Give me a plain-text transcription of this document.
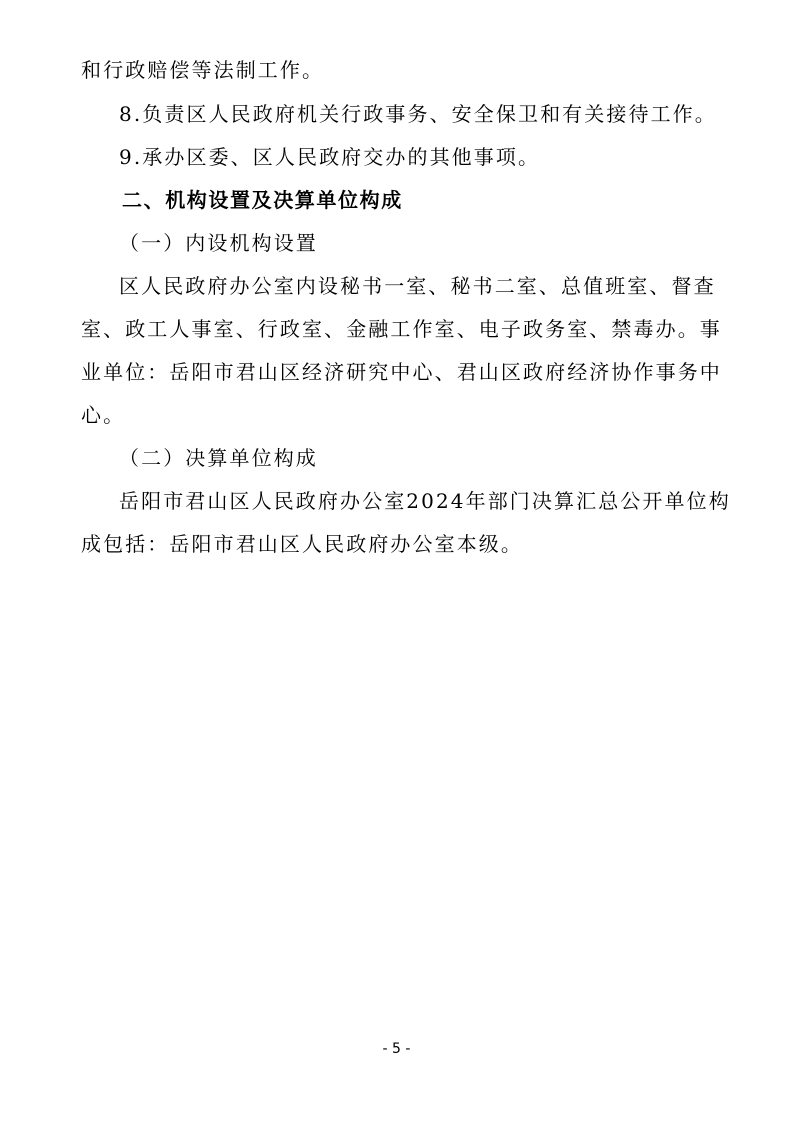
和行政赔偿等法制工作。
8.负责区人民政府机关行政事务、安全保卫和有关接待工作。
9.承办区委、区人民政府交办的其他事项。
二、机构设置及决算单位构成
（一）内设机构设置
区人民政府办公室内设秘书一室、秘书二室、总值班室、督查
室、政工人事室、行政室、金融工作室、电子政务室、禁毒办。事
业单位：岳阳市君山区经济研究中心、君山区政府经济协作事务中
心。
（二）决算单位构成
岳阳市君山区人民政府办公室2024年部门决算汇总公开单位构
成包括：岳阳市君山区人民政府办公室本级。
- 5 -
